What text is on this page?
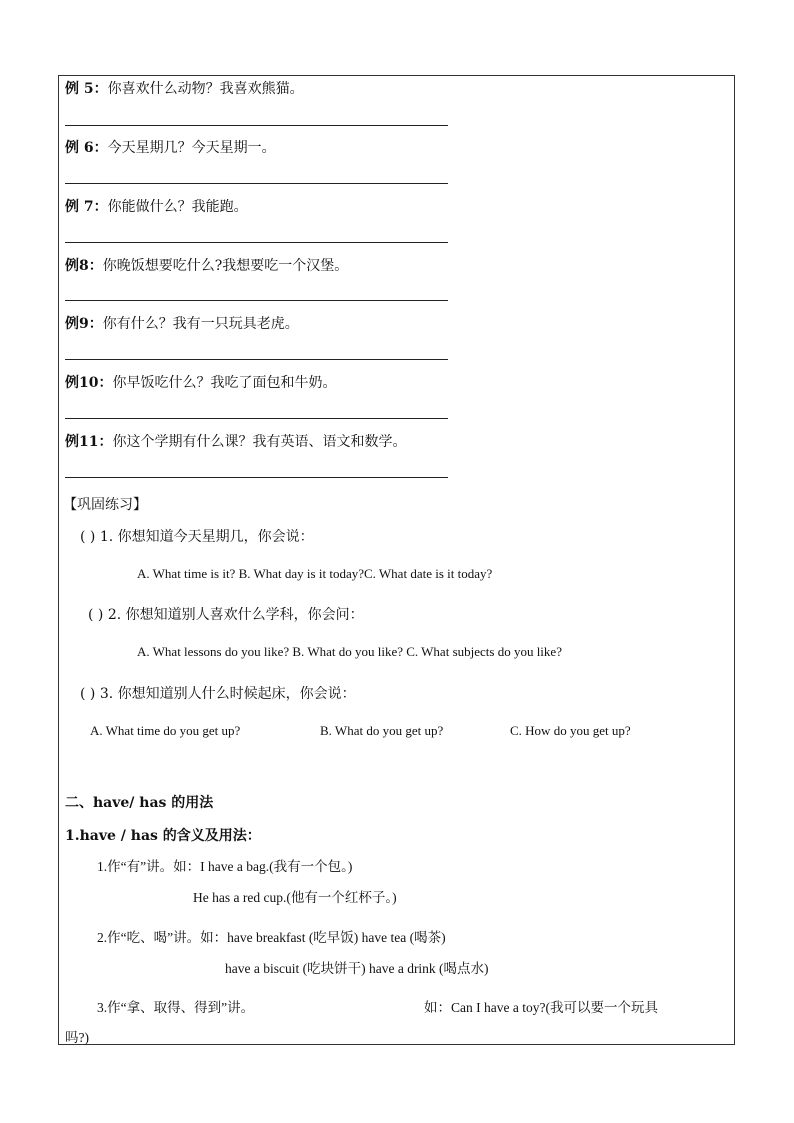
例 5：你喜欢什么动物？我喜欢熊猫。
例 6：今天星期几？今天星期一。
例 7：你能做什么？我能跑。
例8：你晚饭想要吃什么?我想要吃一个汉堡。
例9：你有什么？我有一只玩具老虎。
例10：你早饭吃什么？我吃了面包和牛奶。
例11：你这个学期有什么课？我有英语、语文和数学。
【巩固练习】
( ) 1. 你想知道今天星期几，你会说：
A. What time is it? B. What day is it today?C. What date is it today?
( ) 2. 你想知道别人喜欢什么学科，你会问：
A. What lessons do you like? B. What do you like? C. What subjects do you like?
( ) 3. 你想知道别人什么时候起床，你会说：
A. What time do you get up?	B. What do you get up?	C. How do you get up?
二、have/ has 的用法
1.have / has 的含义及用法：
1.作“有”讲。如：I have a bag.(我有一个包。)
He has a red cup.(他有一个红杯子。)
2.作“吃、喝”讲。如：have breakfast (吃早饭) have tea (喝茶)
have a biscuit (吃块饼干) have a drink (喝点水)
3.作“拿、取得、得到”讲。	如：Can I have a toy?(我可以要一个玩具
吗?)
